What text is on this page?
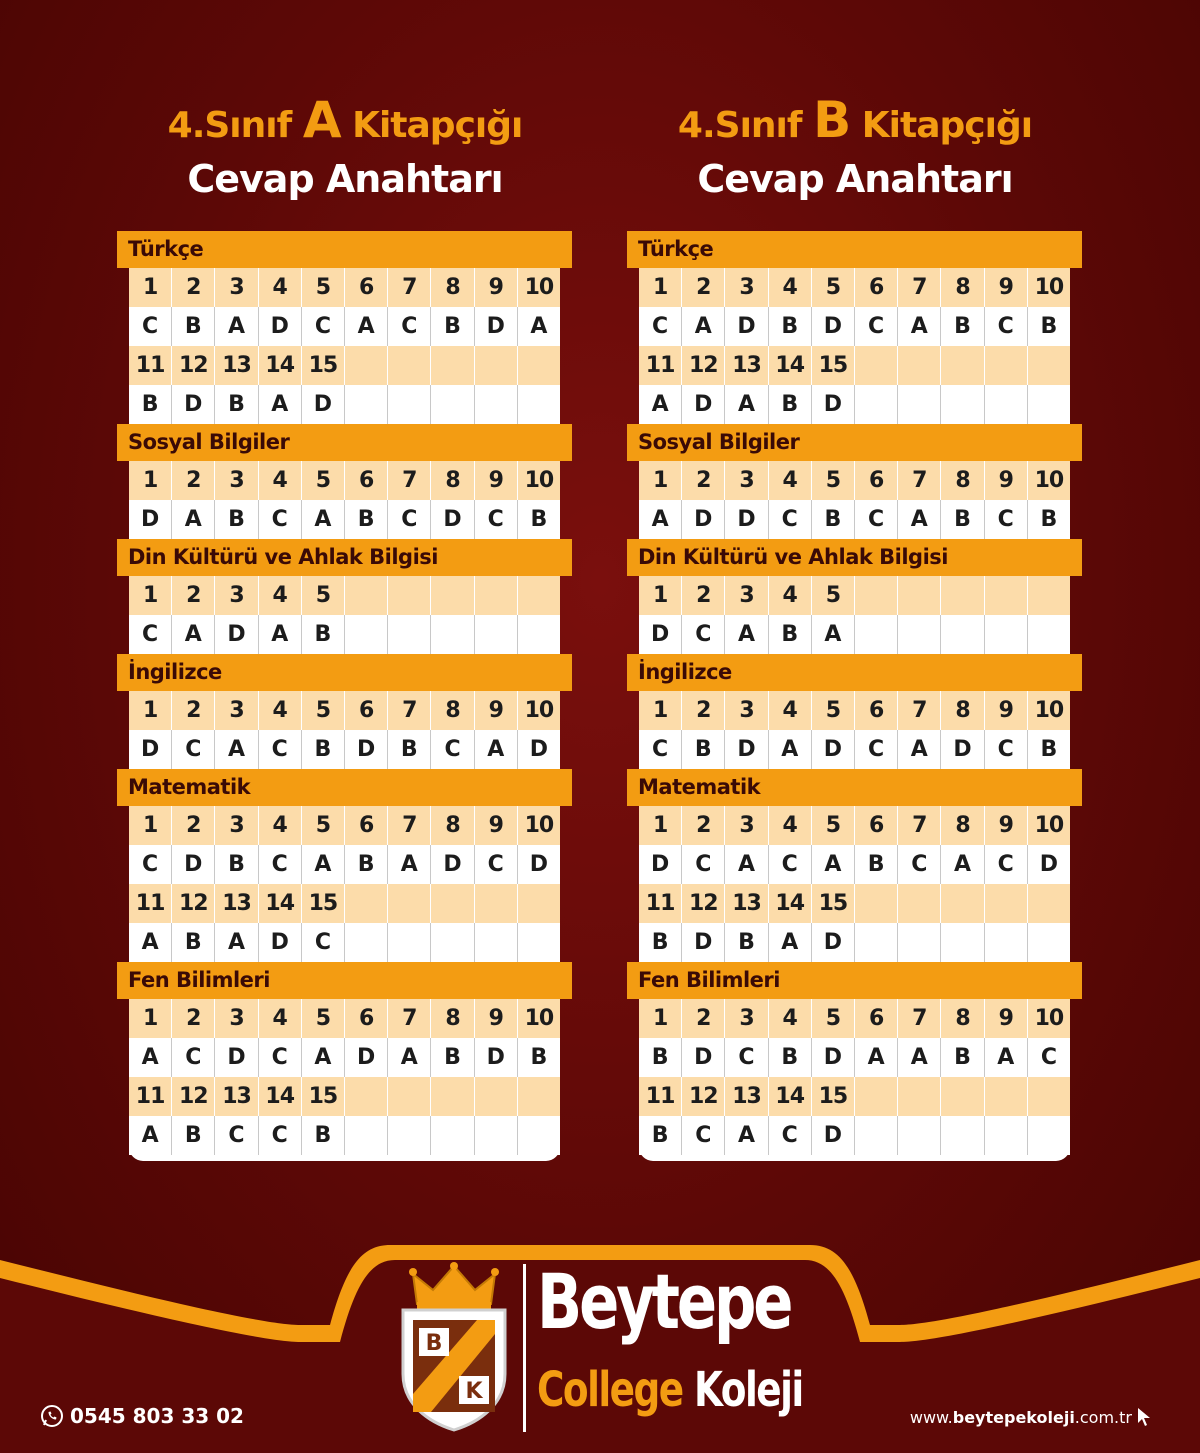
4.Sınıf A Kitapçığı
Cevap Anahtarı
4.Sınıf B Kitapçığı
Cevap Anahtarı
Türkçe
1	2	3	4	5	6	7	8	9 10
C	B	A	D	C	A	C	B	D	A
11 12 13 14 15
B	D	B	A	D
Sosyal Bilgiler
1	2	3	4	5	6	7	8	9 10
D	A	B	C	A	B	C	D	C	B
Din Kültürü ve Ahlak Bilgisi
1	2	3	4	5
C	A	D	A	B
İngilizce
1	2	3	4	5	6	7	8	9 10
D	C	A	C	B	D	B	C	A	D
Matematik
1	2	3	4	5	6	7	8	9 10
C	D	B	C	A	B	A	D	C	D
11 12 13 14 15
A	B	A	D	C
Fen Bilimleri
1	2	3	4	5	6	7	8	9 10
A	C	D	C	A	D	A	B	D	B
11 12 13 14 15
A	B	C	C	B
Türkçe
1	2	3	4	5	6	7	8	9 10
C	A	D	B	D	C	A	B	C	B
11 12 13 14 15
A	D	A	B	D
Sosyal Bilgiler
1	2	3	4	5	6	7	8	9 10
A	D	D	C	B	C	A	B	C	B
Din Kültürü ve Ahlak Bilgisi
1	2	3	4	5
D	C	A	B	A
İngilizce
1	2	3	4	5	6	7	8	9 10
C	B	D	A	D	C	A	D	C	B
Matematik
1	2	3	4	5	6	7	8	9 10
D	C	A	C	A	B	C	A	C	D
11 12 13 14 15
B	D	B	A	D
Fen Bilimleri
1	2	3	4	5	6	7	8	9 10
B	D	C	B	D	A	A	B	A	C
11 12 13 14 15
B	C	A	C	D
B
K
Beytepe
College Koleji
0545 803 33 02	www.beytepekoleji.com.tr
